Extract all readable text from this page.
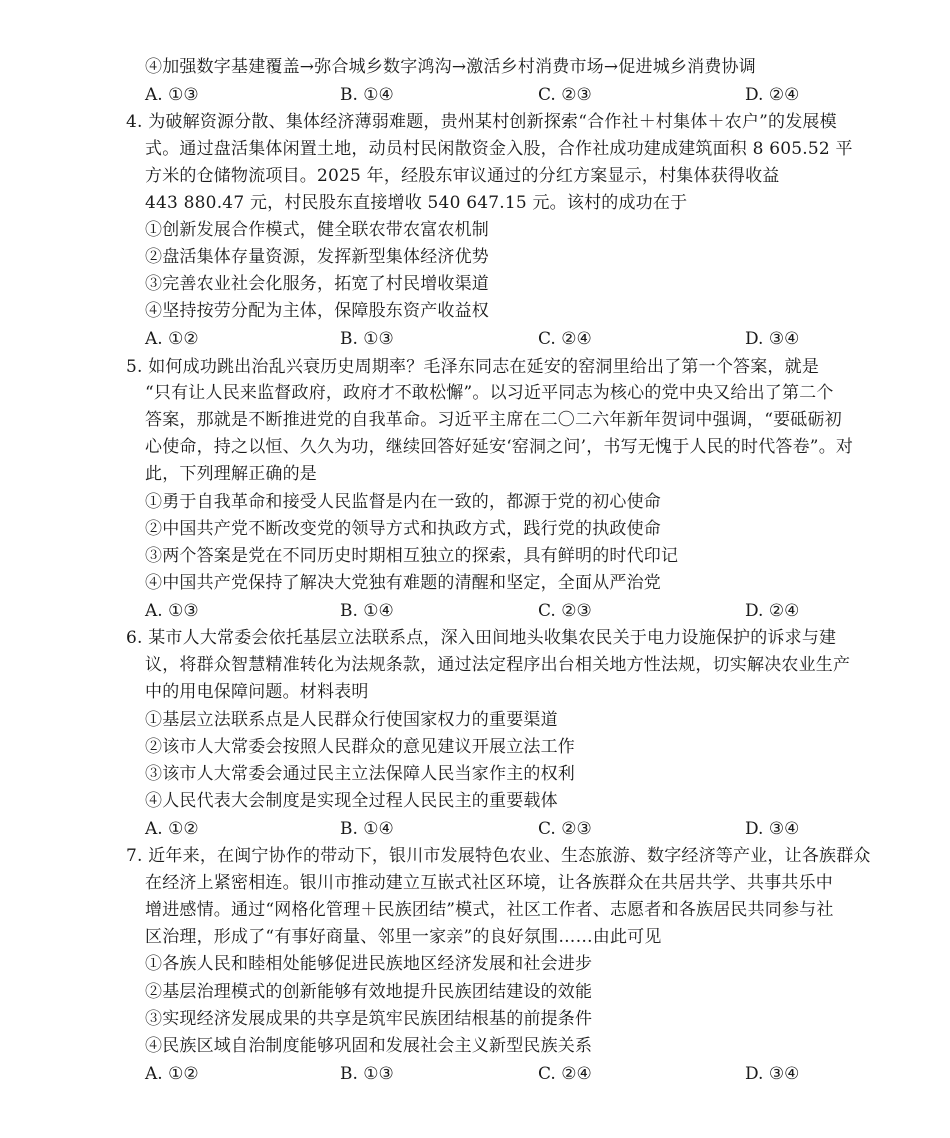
④加强数字基建覆盖→弥合城乡数字鸿沟→激活乡村消费市场→促进城乡消费协调
A. ①③	B. ①④	C. ②③	D. ②④
4. 为破解资源分散、集体经济薄弱难题，贵州某村创新探索“合作社＋村集体＋农户”的发展模
式。通过盘活集体闲置土地，动员村民闲散资金入股，合作社成功建成建筑面积 8 605.52 平
方米的仓储物流项目。2025 年，经股东审议通过的分红方案显示，村集体获得收益
443 880.47 元，村民股东直接增收 540 647.15 元。该村的成功在于
①创新发展合作模式，健全联农带农富农机制
②盘活集体存量资源，发挥新型集体经济优势
③完善农业社会化服务，拓宽了村民增收渠道
④坚持按劳分配为主体，保障股东资产收益权
A. ①②	B. ①③	C. ②④	D. ③④
5. 如何成功跳出治乱兴衰历史周期率？毛泽东同志在延安的窑洞里给出了第一个答案，就是
“只有让人民来监督政府，政府才不敢松懈”。以习近平同志为核心的党中央又给出了第二个
答案，那就是不断推进党的自我革命。习近平主席在二〇二六年新年贺词中强调，“要砥砺初
心使命，持之以恒、久久为功，继续回答好延安‘窑洞之问’，书写无愧于人民的时代答卷”。对
此，下列理解正确的是
①勇于自我革命和接受人民监督是内在一致的，都源于党的初心使命
②中国共产党不断改变党的领导方式和执政方式，践行党的执政使命
③两个答案是党在不同历史时期相互独立的探索，具有鲜明的时代印记
④中国共产党保持了解决大党独有难题的清醒和坚定，全面从严治党
A. ①③	B. ①④	C. ②③	D. ②④
6. 某市人大常委会依托基层立法联系点，深入田间地头收集农民关于电力设施保护的诉求与建
议，将群众智慧精准转化为法规条款，通过法定程序出台相关地方性法规，切实解决农业生产
中的用电保障问题。材料表明
①基层立法联系点是人民群众行使国家权力的重要渠道
②该市人大常委会按照人民群众的意见建议开展立法工作
③该市人大常委会通过民主立法保障人民当家作主的权利
④人民代表大会制度是实现全过程人民民主的重要载体
A. ①②	B. ①④	C. ②③	D. ③④
7. 近年来，在闽宁协作的带动下，银川市发展特色农业、生态旅游、数字经济等产业，让各族群众
在经济上紧密相连。银川市推动建立互嵌式社区环境，让各族群众在共居共学、共事共乐中
增进感情。通过“网格化管理＋民族团结”模式，社区工作者、志愿者和各族居民共同参与社
区治理，形成了“有事好商量、邻里一家亲”的良好氛围……由此可见
①各族人民和睦相处能够促进民族地区经济发展和社会进步
②基层治理模式的创新能够有效地提升民族团结建设的效能
③实现经济发展成果的共享是筑牢民族团结根基的前提条件
④民族区域自治制度能够巩固和发展社会主义新型民族关系
A. ①②	B. ①③	C. ②④	D. ③④
